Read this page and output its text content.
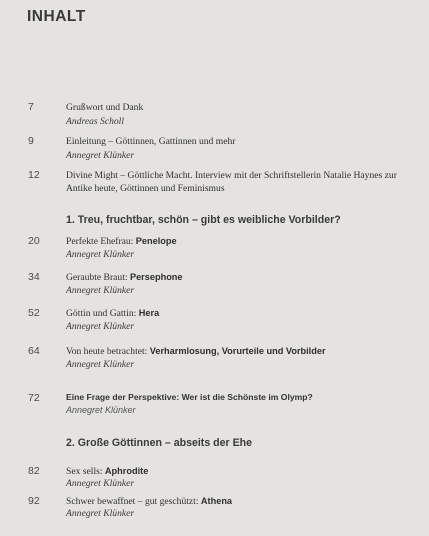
INHALT
7	Grußwort und Dank
Andreas Scholl
9	Einleitung – Göttinnen, Gattinnen und mehr
Annegret Klünker
12	Divine Might – Göttliche Macht. Interview mit der Schriftstellerin Natalie Haynes zur Antike heute, Göttinnen und Feminismus
1. Treu, fruchtbar, schön – gibt es weibliche Vorbilder?
20	Perfekte Ehefrau: Penelope
Annegret Klünker
34	Geraubte Braut: Persephone
Annegret Klünker
52	Göttin und Gattin: Hera
Annegret Klünker
64	Von heute betrachtet: Verharmlosung, Vorurteile und Vorbilder
Annegret Klünker
72	Eine Frage der Perspektive: Wer ist die Schönste im Olymp?
Annegret Klünker
2. Große Göttinnen – abseits der Ehe
82	Sex sells: Aphrodite
Annegret Klünker
92	Schwer bewaffnet – gut geschützt: Athena
Annegret Klünker
